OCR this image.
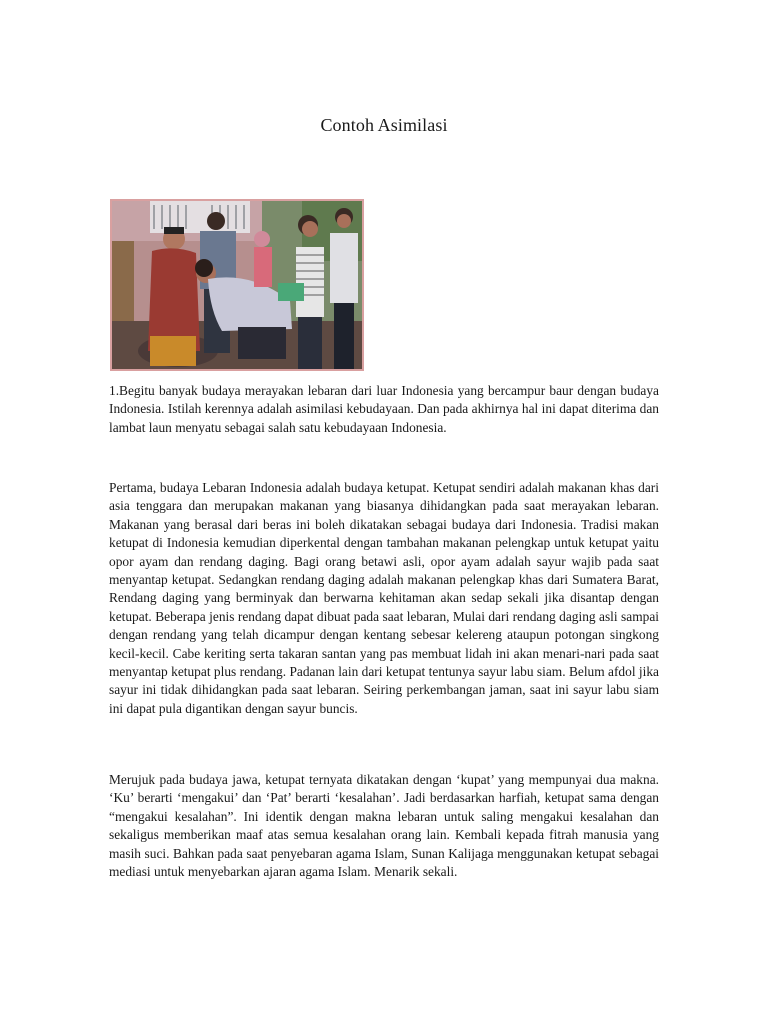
Contoh Asimilasi

1.Begitu banyak budaya merayakan lebaran dari luar Indonesia yang bercampur baur dengan budaya Indonesia. Istilah kerennya adalah asimilasi kebudayaan. Dan pada akhirnya hal ini dapat diterima dan lambat laun menyatu sebagai salah satu kebudayaan Indonesia.

Pertama, budaya Lebaran Indonesia adalah budaya ketupat. Ketupat sendiri adalah makanan khas dari asia tenggara dan merupakan makanan yang biasanya dihidangkan pada saat merayakan lebaran. Makanan yang berasal dari beras ini boleh dikatakan sebagai budaya dari Indonesia. Tradisi makan ketupat di Indonesia kemudian diperkental dengan tambahan makanan pelengkap untuk ketupat yaitu opor ayam dan rendang daging. Bagi orang betawi asli, opor ayam adalah sayur wajib pada saat menyantap ketupat. Sedangkan rendang daging adalah makanan pelengkap khas dari Sumatera Barat, Rendang daging yang berminyak dan berwarna kehitaman akan sedap sekali jika disantap dengan ketupat. Beberapa jenis rendang dapat dibuat pada saat lebaran, Mulai dari rendang daging asli sampai dengan rendang yang telah dicampur dengan kentang sebesar kelereng ataupun potongan singkong kecil-kecil. Cabe keriting serta takaran santan yang pas membuat lidah ini akan menari-nari pada saat menyantap ketupat plus rendang. Padanan lain dari ketupat tentunya sayur labu siam. Belum afdol jika sayur ini tidak dihidangkan pada saat lebaran. Seiring perkembangan jaman, saat ini sayur labu siam ini dapat pula digantikan dengan sayur buncis.

Merujuk pada budaya jawa, ketupat ternyata dikatakan dengan ‘kupat’ yang mempunyai dua makna. ‘Ku’ berarti ‘mengakui’ dan ‘Pat’ berarti ‘kesalahan’. Jadi berdasarkan harfiah, ketupat sama dengan “mengakui kesalahan”. Ini identik dengan makna lebaran untuk saling mengakui kesalahan dan sekaligus memberikan maaf atas semua kesalahan orang lain. Kembali kepada fitrah manusia yang masih suci. Bahkan pada saat penyebaran agama Islam, Sunan Kalijaga menggunakan ketupat sebagai mediasi untuk menyebarkan ajaran agama Islam. Menarik sekali.
